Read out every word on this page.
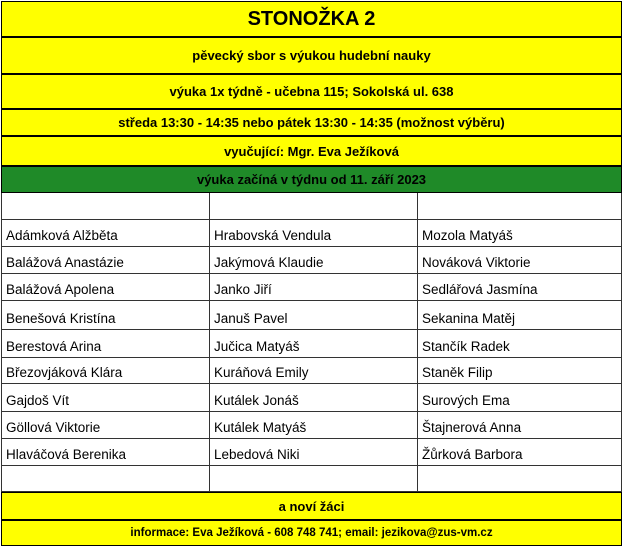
STONOŽKA 2
pěvecký sbor s výukou hudební nauky
výuka 1x týdně - učebna 115; Sokolská ul. 638
středa 13:30 - 14:35 nebo pátek 13:30 - 14:35 (možnost výběru)
vyučující: Mgr. Eva Ježíková
výuka začíná v týdnu od 11. září 2023
Adámková Alžběta	Hrabovská Vendula	Mozola Matyáš
Balážová Anastázie	Jakýmová Klaudie	Nováková Viktorie
Balážová Apolena	Janko Jiří	Sedlářová Jasmína
Benešová Kristína	Januš Pavel	Sekanina Matěj
Berestová Arina	Jučica Matyáš	Stančík Radek
Březovjáková Klára	Kuráňová Emily	Staněk Filip
Gajdoš Vít	Kutálek Jonáš	Surových Ema
Göllová Viktorie	Kutálek Matyáš	Štajnerová Anna
Hlaváčová Berenika	Lebedová Niki	Žůrková Barbora
a noví žáci
informace: Eva Ježíková - 608 748 741; email: jezikova@zus-vm.cz
